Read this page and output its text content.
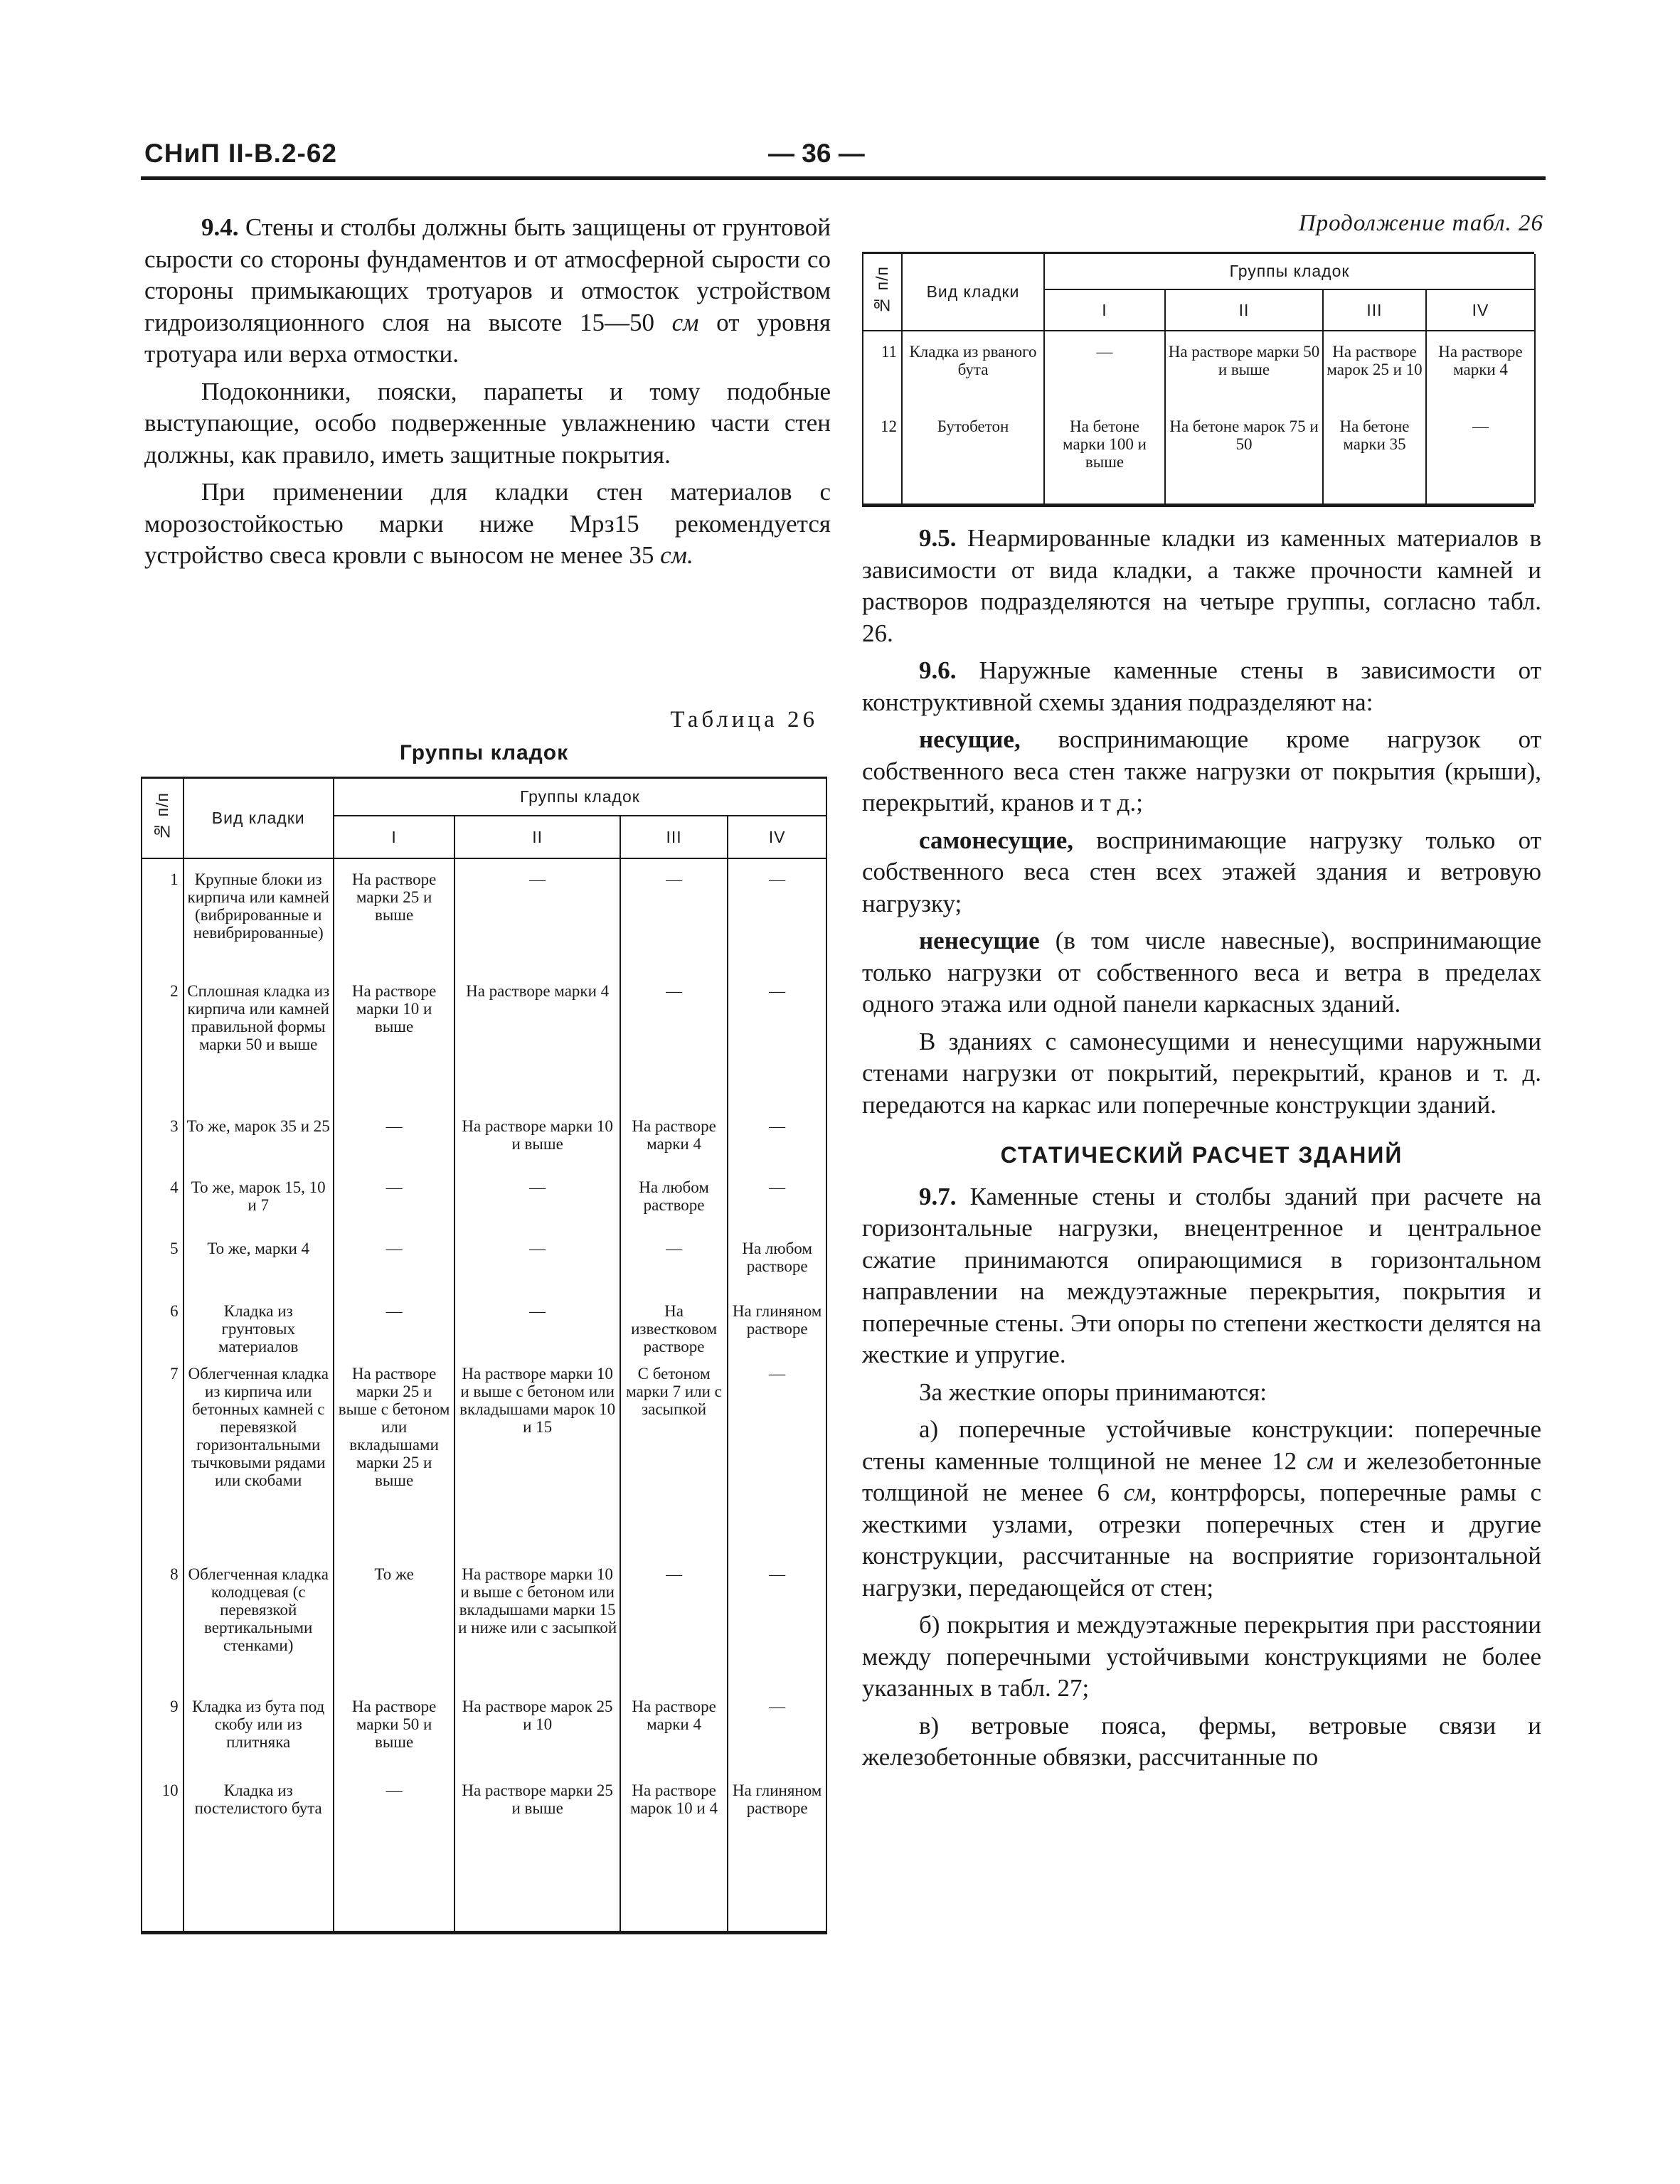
СНиП II-В.2-62	— 36 —

9.4. Стены и столбы должны быть защищены от грунтовой сырости со стороны фундаментов и от атмосферной сырости со стороны примыкающих тротуаров и отмосток устройством гидроизоляционного слоя на высоте 15—50 см от уровня тротуара или верха отмостки.

Подоконники, пояски, парапеты и тому подобные выступающие, особо подверженные увлажнению части стен должны, как правило, иметь защитные покрытия.

При применении для кладки стен материалов с морозостойкостью марки ниже Мрз15 рекомендуется устройство свеса кровли с выносом не менее 35 см.

Таблица 26
Группы кладок
№ п/п	Вид кладки	Группы кладок			
		I	II	III	IV
1	Крупные блоки из кирпича или камней (вибрированные и невибрированные)	На растворе марки 25 и выше	—	—	—
2	Сплошная кладка из кирпича или камней правильной формы марки 50 и выше	На растворе марки 10 и выше	На растворе марки 4	—	—
3	То же, марок 35 и 25	—	На растворе марки 10 и выше	На растворе марки 4	—
4	То же, марок 15, 10 и 7	—	—	На любом растворе	—
5	То же, марки 4	—	—	—	На любом растворе
6	Кладка из грунтовых материалов	—	—	На известковом растворе	На глиняном растворе
7	Облегченная кладка из кирпича или бетонных камней с перевязкой горизонтальными тычковыми рядами или скобами	На растворе марки 25 и выше с бетоном или вкладышами марки 25 и выше	На растворе марки 10 и выше с бетоном или вкладышами марок 10 и 15	С бетоном марки 7 или с засыпкой	—
8	Облегченная кладка колодцевая (с перевязкой вертикальными стенками)	То же	На растворе марки 10 и выше с бетоном или вкладышами марки 15 и ниже или с засыпкой	—	—
9	Кладка из бута под скобу или из плитняка	На растворе марки 50 и выше	На растворе марок 25 и 10	На растворе марки 4	—
10	Кладка из постелистого бута	—	На растворе марки 25 и выше	На растворе марок 10 и 4	На глиняном растворе
Продолжение табл. 26
№ п/п	Вид кладки	Группы кладок			
		I	II	III	IV
11	Кладка из рваного бута	—	На растворе марки 50 и выше	На растворе марок 25 и 10	На растворе марки 4
12	Бутобетон	На бетоне марки 100 и выше	На бетоне марок 75 и 50	На бетоне марки 35	—

9.5. Неармированные кладки из каменных материалов в зависимости от вида кладки, а также прочности камней и растворов подразделяются на четыре группы, согласно табл. 26.

9.6. Наружные каменные стены в зависимости от конструктивной схемы здания подразделяют на:

несущие, воспринимающие кроме нагрузок от собственного веса стен также нагрузки от покрытия (крыши), перекрытий, кранов и т д.;

самонесущие, воспринимающие нагрузку только от собственного веса стен всех этажей здания и ветровую нагрузку;

ненесущие (в том числе навесные), воспринимающие только нагрузки от собственного веса и ветра в пределах одного этажа или одной панели каркасных зданий.

В зданиях с самонесущими и ненесущими наружными стенами нагрузки от покрытий, перекрытий, кранов и т. д. передаются на каркас или поперечные конструкции зданий.

СТАТИЧЕСКИЙ РАСЧЕТ ЗДАНИЙ

9.7. Каменные стены и столбы зданий при расчете на горизонтальные нагрузки, внецентренное и центральное сжатие принимаются опирающимися в горизонтальном направлении на междуэтажные перекрытия, покрытия и поперечные стены. Эти опоры по степени жесткости делятся на жесткие и упругие.

За жесткие опоры принимаются:

а) поперечные устойчивые конструкции: поперечные стены каменные толщиной не менее 12 см и железобетонные толщиной не менее 6 см, контрфорсы, поперечные рамы с жесткими узлами, отрезки поперечных стен и другие конструкции, рассчитанные на восприятие горизонтальной нагрузки, передающейся от стен;

б) покрытия и междуэтажные перекрытия при расстоянии между поперечными устойчивыми конструкциями не более указанных в табл. 27;

в) ветровые пояса, фермы, ветровые связи и железобетонные обвязки, рассчитанные по
